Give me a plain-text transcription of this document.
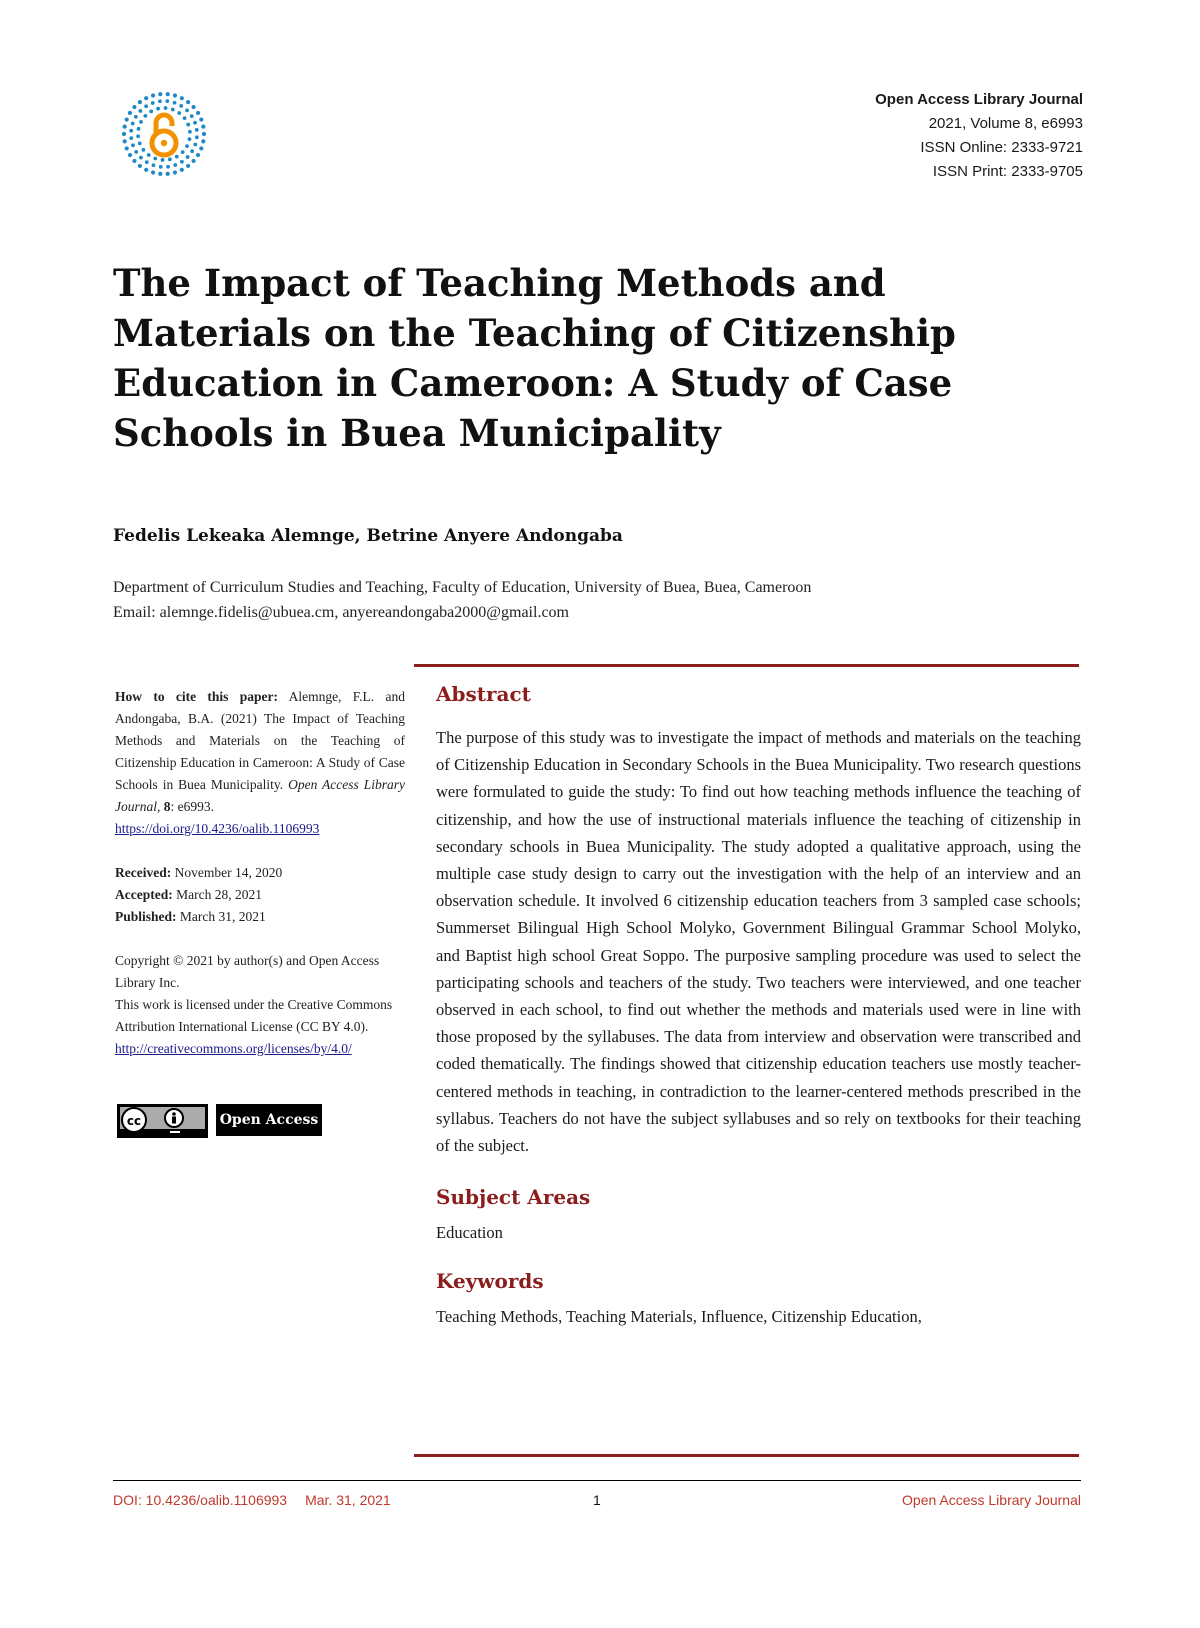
Open Access Library Journal
2021, Volume 8, e6993
ISSN Online: 2333-9721
ISSN Print: 2333-9705
The Impact of Teaching Methods and Materials on the Teaching of Citizenship Education in Cameroon: A Study of Case Schools in Buea Municipality
Fedelis Lekeaka Alemnge, Betrine Anyere Andongaba
Department of Curriculum Studies and Teaching, Faculty of Education, University of Buea, Buea, Cameroon
Email: alemnge.fidelis@ubuea.cm, anyereandongaba2000@gmail.com
How to cite this paper: Alemnge, F.L. and Andongaba, B.A. (2021) The Impact of Teaching Methods and Materials on the Teaching of Citizenship Education in Cameroon: A Study of Case Schools in Buea Municipality. Open Access Library Journal, 8: e6993.
https://doi.org/10.4236/oalib.1106993
Received: November 14, 2020
Accepted: March 28, 2021
Published: March 31, 2021
Copyright © 2021 by author(s) and Open Access Library Inc.
This work is licensed under the Creative Commons Attribution International License (CC BY 4.0).
http://creativecommons.org/licenses/by/4.0/
cc	Open Access
Abstract

The purpose of this study was to investigate the impact of methods and materials on the teaching of Citizenship Education in Secondary Schools in the Buea Municipality. Two research questions were formulated to guide the study: To find out how teaching methods influence the teaching of citizenship, and how the use of instructional materials influence the teaching of citizenship in secondary schools in Buea Municipality. The study adopted a qualitative approach, using the multiple case study design to carry out the investigation with the help of an interview and an observation schedule. It involved 6 citizenship education teachers from 3 sampled case schools; Summerset Bilingual High School Molyko, Government Bilingual Grammar School Molyko, and Baptist high school Great Soppo. The purposive sampling procedure was used to select the participating schools and teachers of the study. Two teachers were interviewed, and one teacher observed in each school, to find out whether the methods and materials used were in line with those proposed by the syllabuses. The data from interview and observation were transcribed and coded thematically. The findings showed that citizenship education teachers use mostly teacher-centered methods in teaching, in contradiction to the learner-centered methods prescribed in the syllabus. Teachers do not have the subject syllabuses and so rely on textbooks for their teaching of the subject.

Subject Areas

Education

Keywords

Teaching Methods, Teaching Materials, Influence, Citizenship Education,

DOI: 10.4236/oalib.1106993 Mar. 31, 2021	1	Open Access Library Journal
